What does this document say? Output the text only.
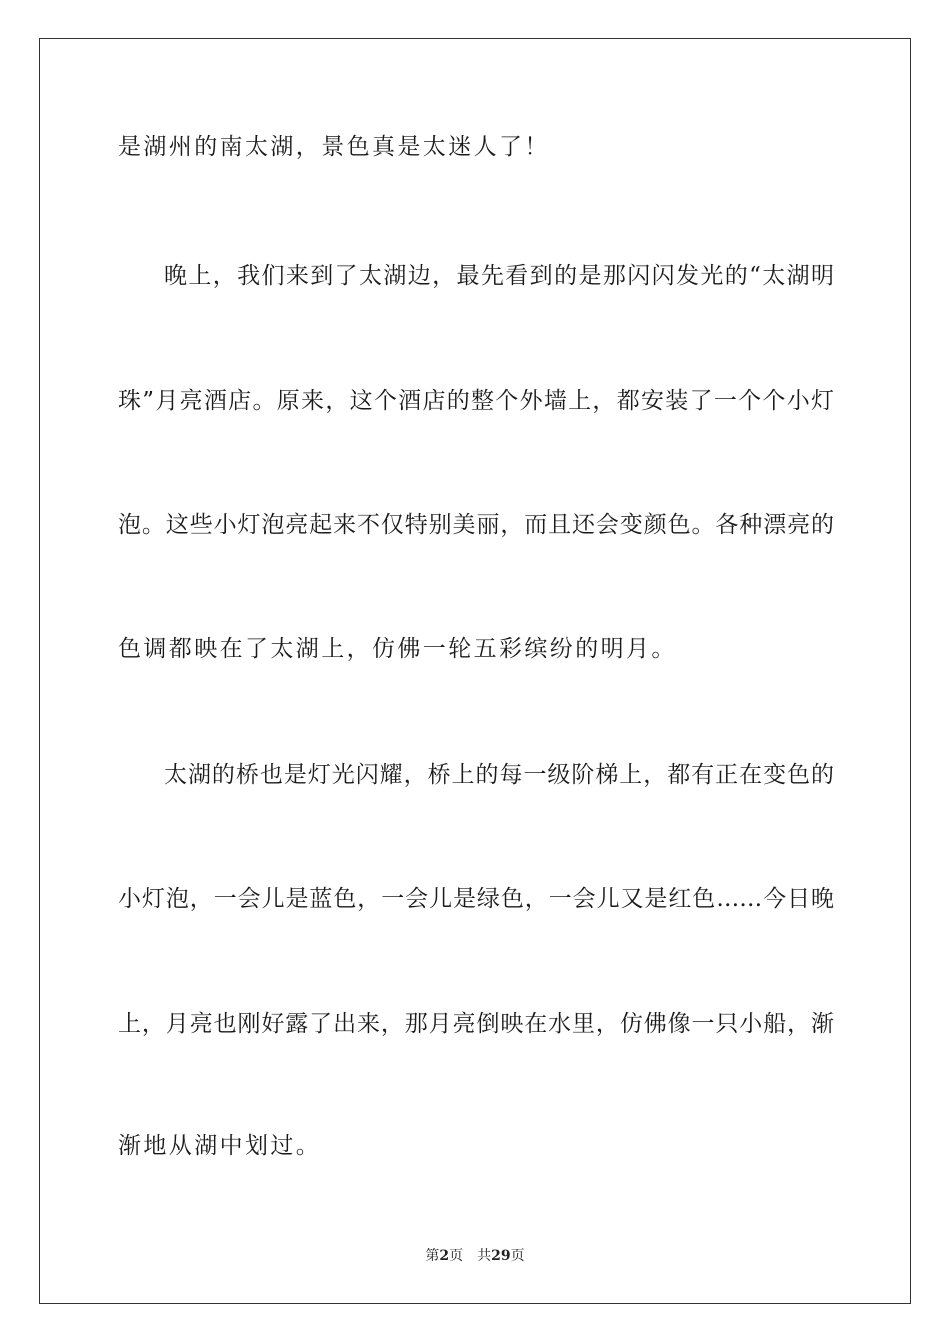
是湖州的南太湖，景色真是太迷人了！
晚上，我们来到了太湖边，最先看到的是那闪闪发光的“太湖明
珠”月亮酒店。原来，这个酒店的整个外墙上，都安装了一个个小灯
泡。这些小灯泡亮起来不仅特别美丽，而且还会变颜色。各种漂亮的
色调都映在了太湖上，仿佛一轮五彩缤纷的明月。
太湖的桥也是灯光闪耀，桥上的每一级阶梯上，都有正在变色的
小灯泡，一会儿是蓝色，一会儿是绿色，一会儿又是红色……今日晚
上，月亮也刚好露了出来，那月亮倒映在水里，仿佛像一只小船，渐
渐地从湖中划过。
第2页 共29页
